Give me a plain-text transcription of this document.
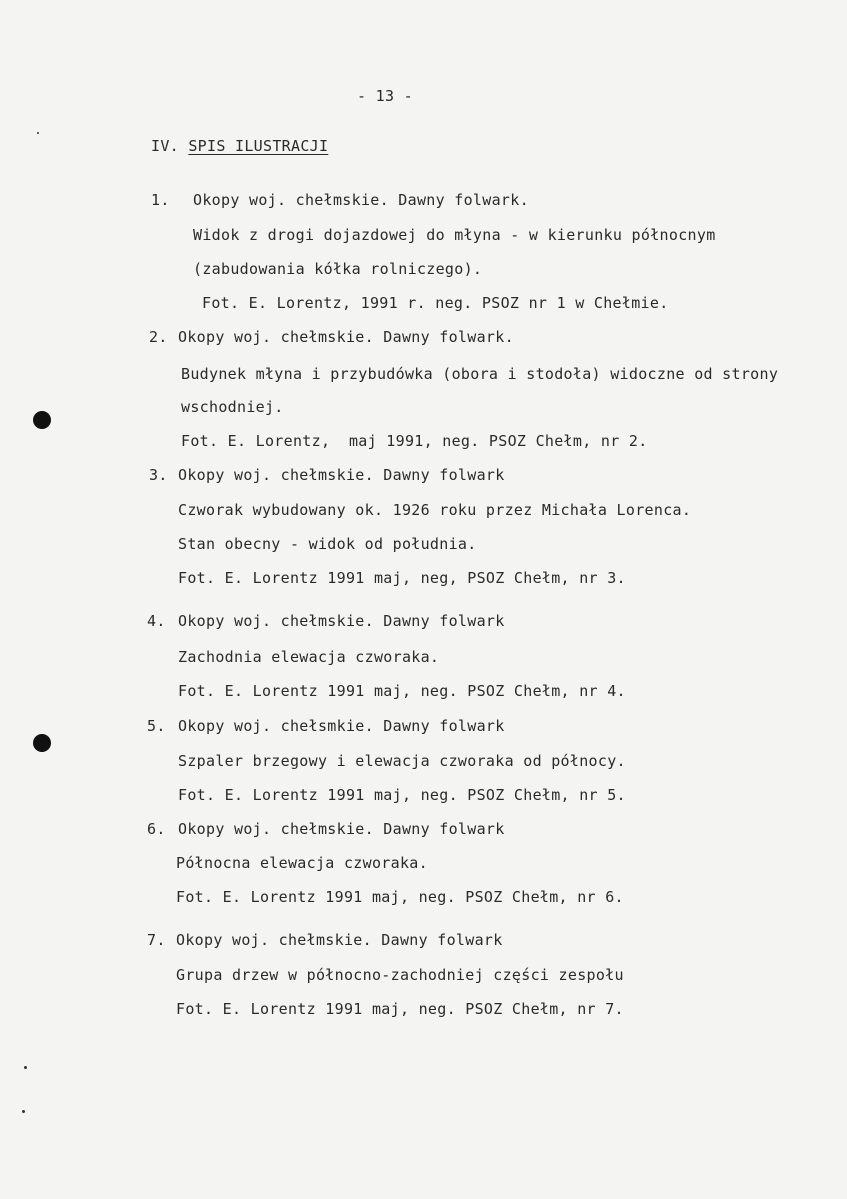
- 13 -
IV. SPIS ILUSTRACJI
1. Okopy woj. chełmskie. Dawny folwark.
Widok z drogi dojazdowej do młyna - w kierunku północnym
(zabudowania kółka rolniczego).
Fot. E. Lorentz, 1991 r. neg. PSOZ nr 1 w Chełmie.
2. Okopy woj. chełmskie. Dawny folwark.
Budynek młyna i przybudówka (obora i stodoła) widoczne od strony
wschodniej.
Fot. E. Lorentz,  maj 1991, neg. PSOZ Chełm, nr 2.
3. Okopy woj. chełmskie. Dawny folwark
Czworak wybudowany ok. 1926 roku przez Michała Lorenca.
Stan obecny - widok od południa.
Fot. E. Lorentz 1991 maj, neg, PSOZ Chełm, nr 3.
4. Okopy woj. chełmskie. Dawny folwark
Zachodnia elewacja czworaka.
Fot. E. Lorentz 1991 maj, neg. PSOZ Chełm, nr 4.
5. Okopy woj. chełsmkie. Dawny folwark
Szpaler brzegowy i elewacja czworaka od północy.
Fot. E. Lorentz 1991 maj, neg. PSOZ Chełm, nr 5.
6. Okopy woj. chełmskie. Dawny folwark
Północna elewacja czworaka.
Fot. E. Lorentz 1991 maj, neg. PSOZ Chełm, nr 6.
7. Okopy woj. chełmskie. Dawny folwark
Grupa drzew w północno-zachodniej części zespołu
Fot. E. Lorentz 1991 maj, neg. PSOZ Chełm, nr 7.
